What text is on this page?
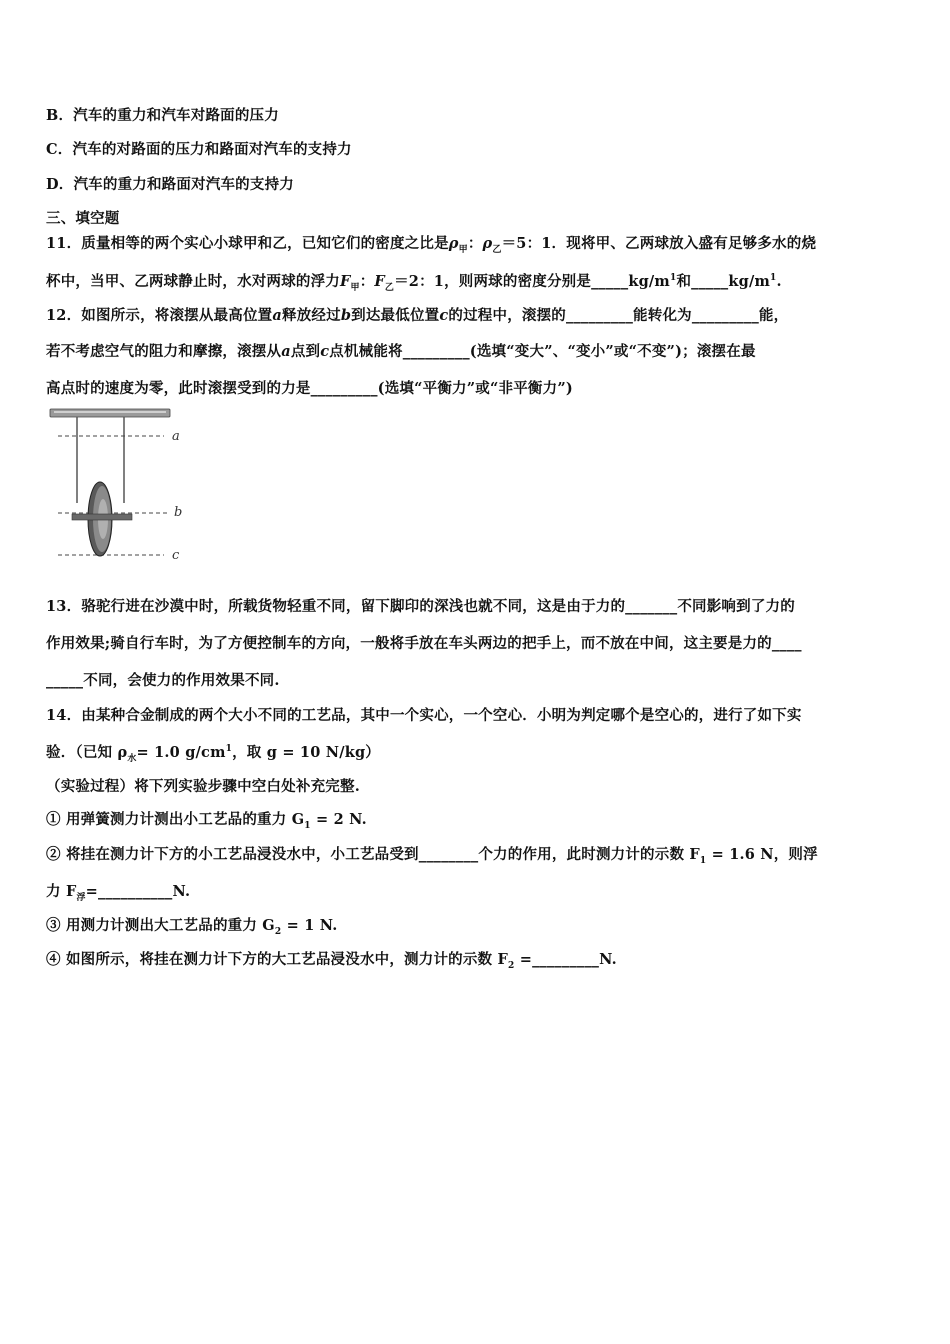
B．汽车的重力和汽车对路面的压力
C．汽车的对路面的压力和路面对汽车的支持力
D．汽车的重力和路面对汽车的支持力
三、填空题
11．质量相等的两个实心小球甲和乙，已知它们的密度之比是$\rho_甲$：$\rho_乙=5$：1．现将甲、乙两球放入盛有足够多水的烧
杯中，当甲、乙两球静止时，水对两球的浮力$F_甲$：$F_乙=2$：1，则两球的密度分别是$\_\_\_\_\_kg/m^1$和$\_\_\_\_\_kg/m^1$.
12．如图所示，将滚摆从最高位置a释放经过b到达最低位置c的过程中，滚摆的_________能转化为_________能，
若不考虑空气的阻力和摩擦，滚摆从a点到c点机械能将_________(选填“变大”、“变小”或“不变”)；滚摆在最
高点时的速度为零，此时滚摆受到的力是_________(选填“平衡力”或“非平衡力”)
a
b
c
13．骆驼行进在沙漠中时，所载货物轻重不同，留下脚印的深浅也就不同，这是由于力的_______不同影响到了力的
作用效果;骑自行车时，为了方便控制车的方向，一般将手放在车头两边的把手上，而不放在中间，这主要是力的____
_____不同，会使力的作用效果不同.
14．由某种合金制成的两个大小不同的工艺品，其中一个实心，一个空心．小明为判定哪个是空心的，进行了如下实
验．（已知 $\rho_水= 1.0$ $g/cm^1$，取 g = 10 N/kg）
（实验过程）将下列实验步骤中空白处补充完整.
① 用弹簧测力计测出小工艺品的重力 $G_1 = 2$ N.
② 将挂在测力计下方的小工艺品浸没水中，小工艺品受到________个力的作用，此时测力计的示数 $F_1 = 1.6$ N，则浮
力 $F_浮=\_\_\_\_\_\_\_\_\_\_N$.
③ 用测力计测出大工艺品的重力 $G_2 = 1$ N.
④ 如图所示，将挂在测力计下方的大工艺品浸没水中，测力计的示数 $F_2$ =_________N.
